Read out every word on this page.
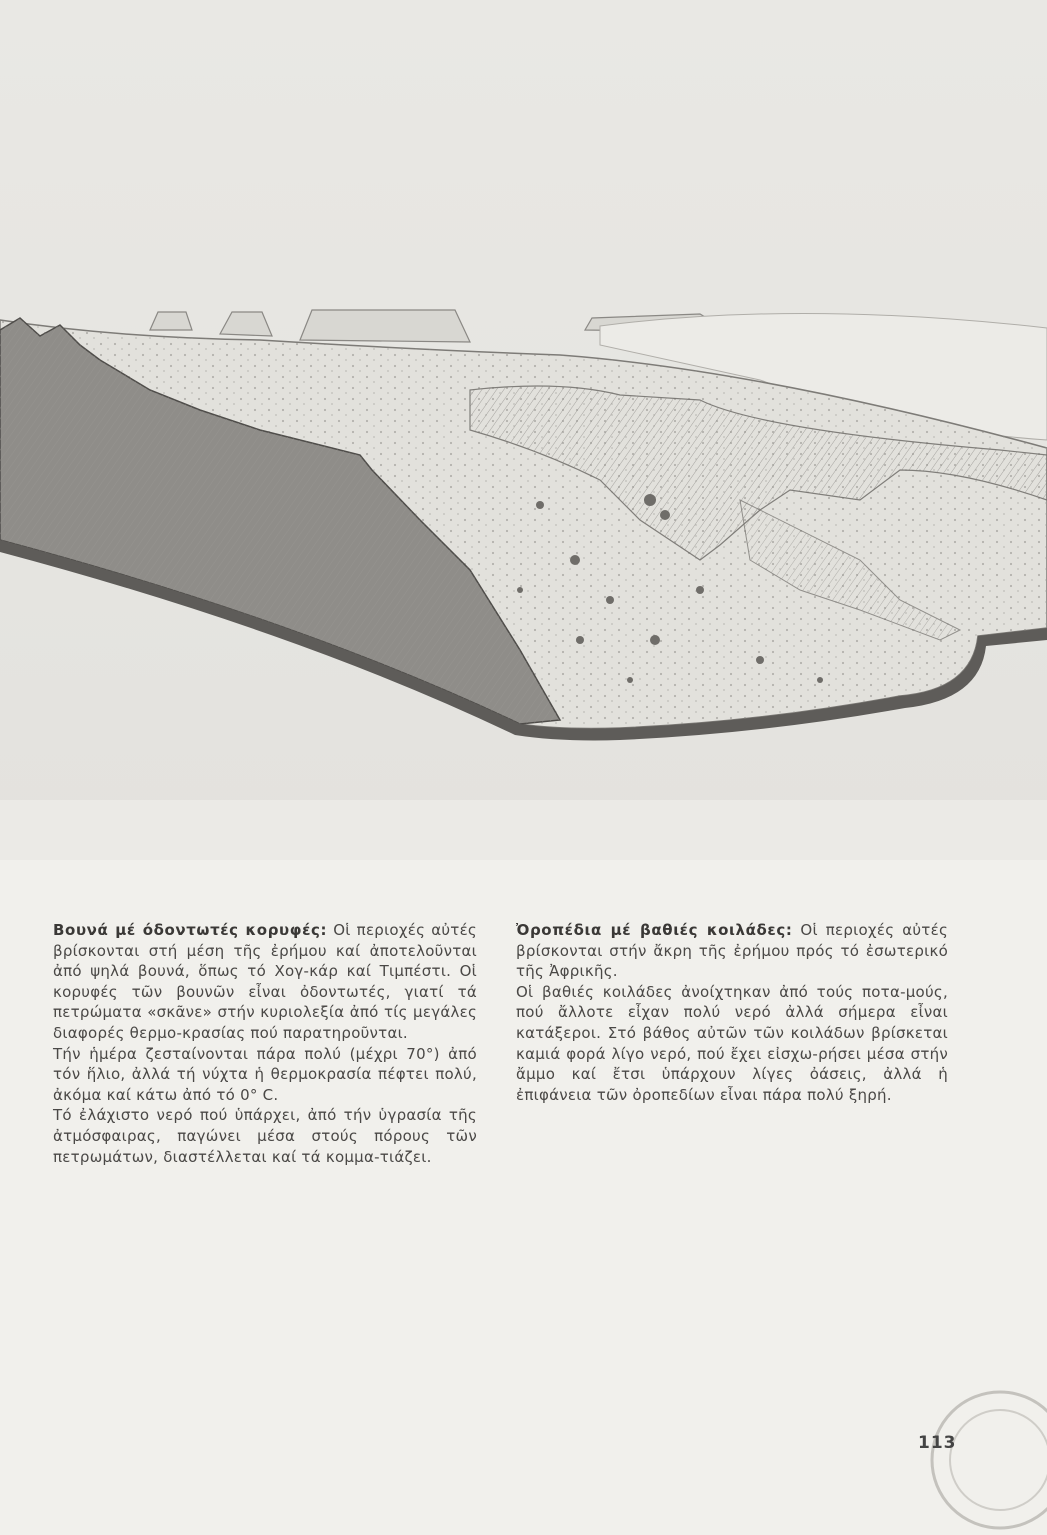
Βουνά μέ όδοντωτές κορυφές: Οἱ περιοχές αὐτές βρίσκονται στή μέση τῆς ἐρήμου καί ἀποτελοῦνται ἀπό ψηλά βουνά, ὅπως τό Χογ-κάρ καί Τιμπέστι. Οἱ κορυφές τῶν βουνῶν εἶναι ὀδοντωτές, γιατί τά πετρώματα «σκᾶνε» στήν κυριολεξία ἀπό τίς μεγάλες διαφορές θερμο-κρασίας πού παρατηροῦνται.

Τήν ἡμέρα ζεσταίνονται πάρα πολύ (μέχρι 70°) ἀπό τόν ἥλιο, ἀλλά τή νύχτα ἡ θερμοκρασία πέφτει πολύ, ἀκόμα καί κάτω ἀπό τό 0° C.

Τό ἐλάχιστο νερό πού ὑπάρχει, ἀπό τήν ὑγρασία τῆς ἀτμόσφαιρας, παγώνει μέσα στούς πόρους τῶν πετρωμάτων, διαστέλλεται καί τά κομμα-τιάζει.

Ὀροπέδια μέ βαθιές κοιλάδες: Οἱ περιοχές αὐτές βρίσκονται στήν ἄκρη τῆς ἐρήμου πρός τό ἐσωτερικό τῆς Ἀφρικῆς.

Οἱ βαθιές κοιλάδες ἀνοίχτηκαν ἀπό τούς ποτα-μούς, πού ἄλλοτε εἶχαν πολύ νερό ἀλλά σήμερα εἶναι κατάξεροι. Στό βάθος αὐτῶν τῶν κοιλάδων βρίσκεται καμιά φορά λίγο νερό, πού ἔχει εἰσχω-ρήσει μέσα στήν ἄμμο καί ἔτσι ὑπάρχουν λίγες ὀάσεις, ἀλλά ἡ ἐπιφάνεια τῶν ὀροπεδίων εἶναι πάρα πολύ ξηρή.

113
